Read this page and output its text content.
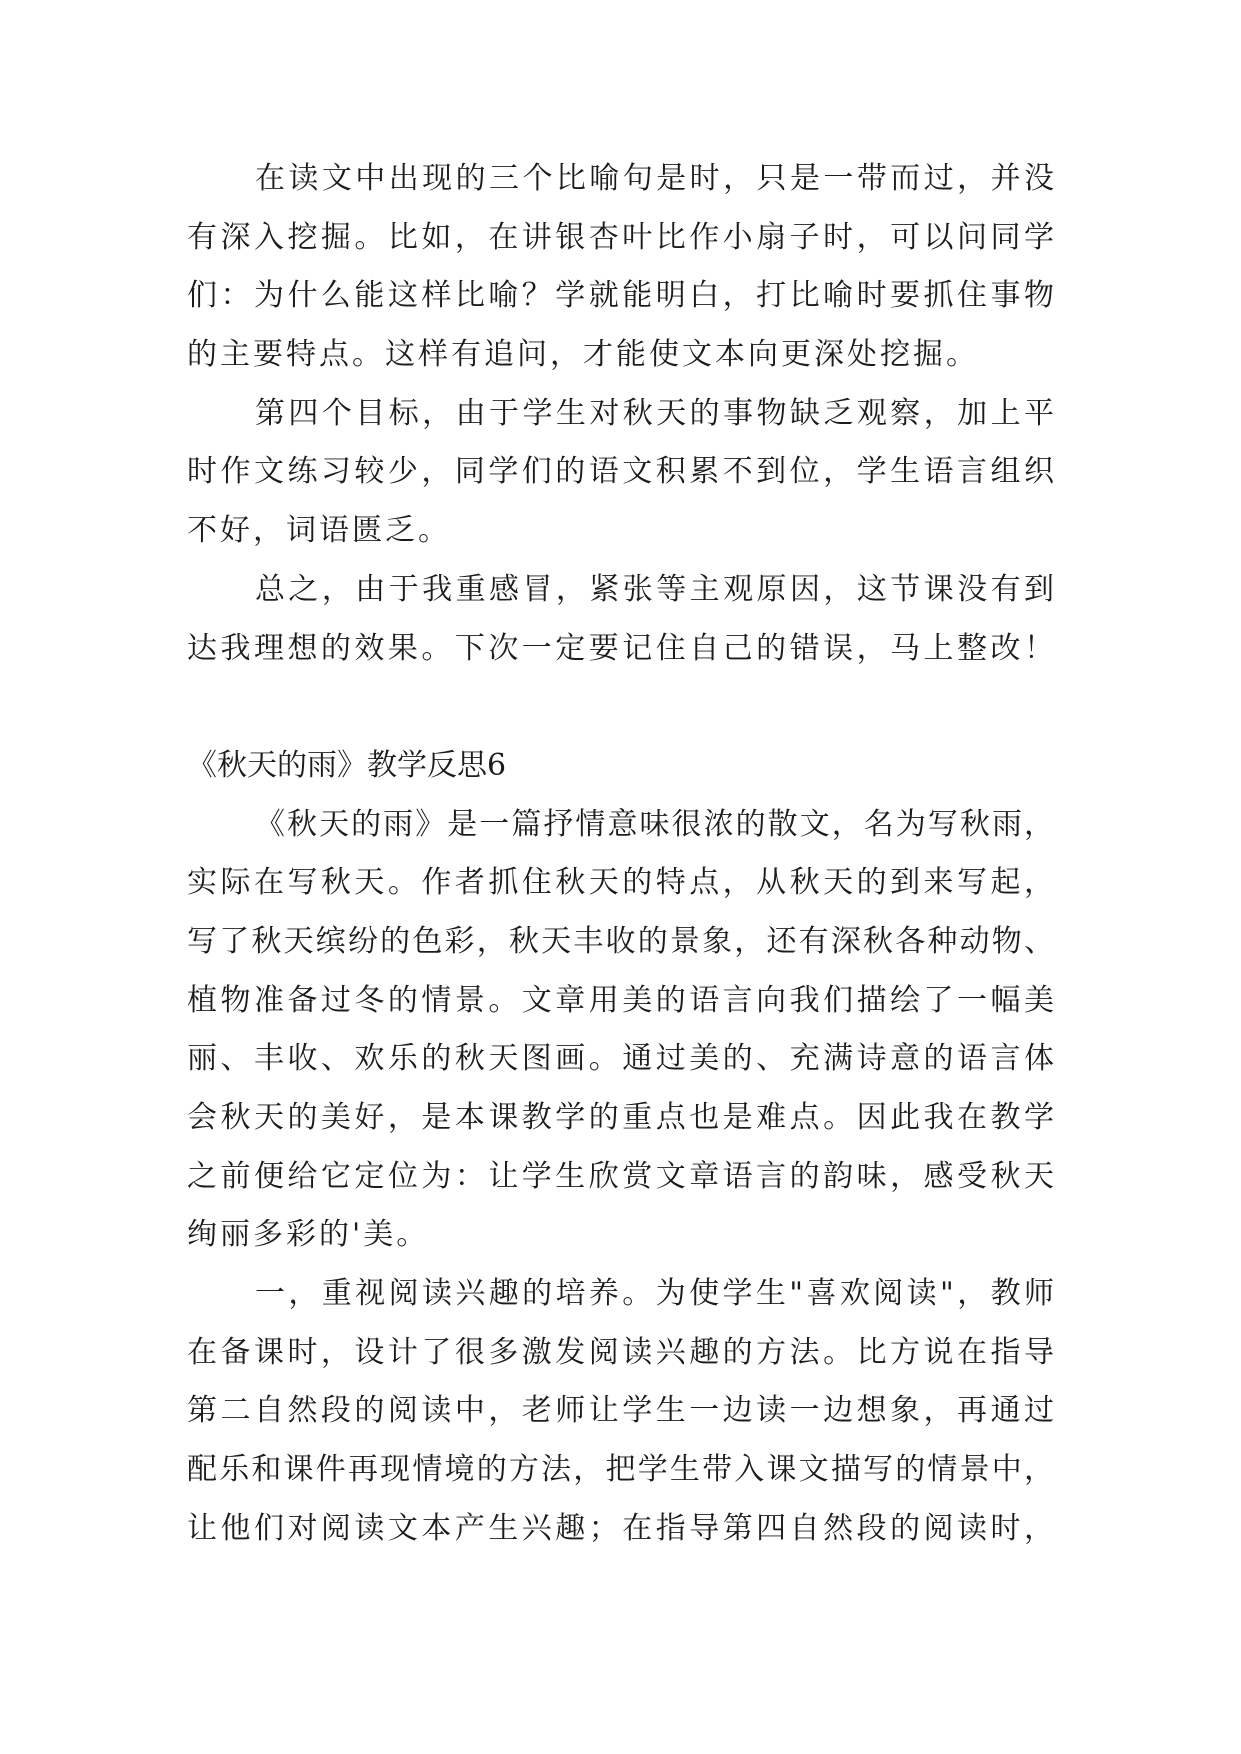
在读文中出现的三个比喻句是时，只是一带而过，并没
有深入挖掘。比如，在讲银杏叶比作小扇子时，可以问同学
们：为什么能这样比喻？学就能明白，打比喻时要抓住事物
的主要特点。这样有追问，才能使文本向更深处挖掘。
第四个目标，由于学生对秋天的事物缺乏观察，加上平
时作文练习较少，同学们的语文积累不到位，学生语言组织
不好，词语匮乏。
总之，由于我重感冒，紧张等主观原因，这节课没有到
达我理想的效果。下次一定要记住自己的错误，马上整改！
《秋天的雨》教学反思6
《秋天的雨》是一篇抒情意味很浓的散文，名为写秋雨，
实际在写秋天。作者抓住秋天的特点，从秋天的到来写起，
写了秋天缤纷的色彩，秋天丰收的景象，还有深秋各种动物、
植物准备过冬的情景。文章用美的语言向我们描绘了一幅美
丽、丰收、欢乐的秋天图画。通过美的、充满诗意的语言体
会秋天的美好，是本课教学的重点也是难点。因此我在教学
之前便给它定位为：让学生欣赏文章语言的韵味，感受秋天
绚丽多彩的'美。
一，重视阅读兴趣的培养。为使学生"喜欢阅读"，教师
在备课时，设计了很多激发阅读兴趣的方法。比方说在指导
第二自然段的阅读中，老师让学生一边读一边想象，再通过
配乐和课件再现情境的方法，把学生带入课文描写的情景中，
让他们对阅读文本产生兴趣；在指导第四自然段的阅读时，
